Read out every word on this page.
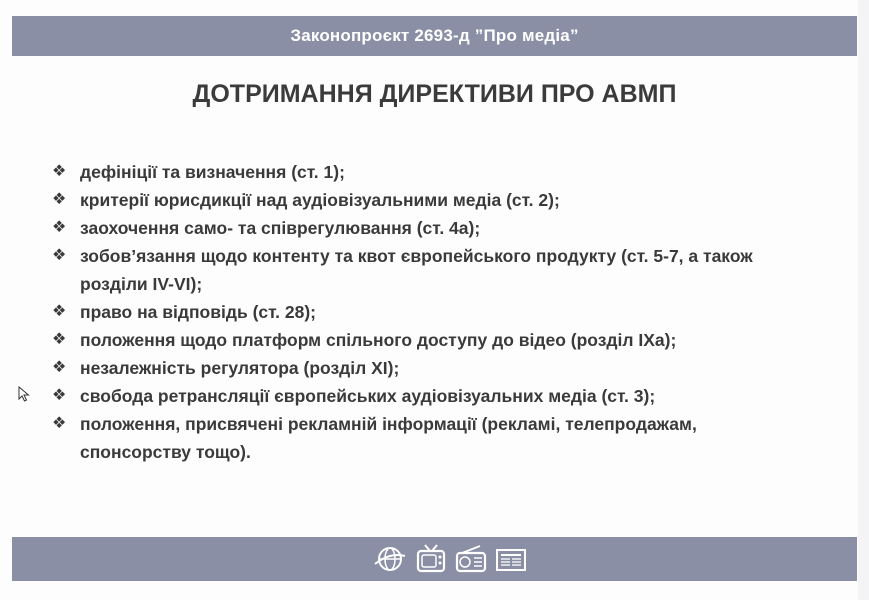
Законопроєкт 2693-д ”Про медіа”
ДОТРИМАННЯ ДИРЕКТИВИ ПРО АВМП
❖ дефініції та визначення (ст. 1);
❖ критерії юрисдикції над аудіовізуальними медіа (ст. 2);
❖ заохочення само- та співрегулювання (ст. 4а);
❖ зобов’язання щодо контенту та квот європейського продукту (ст. 5-7, а також розділи IV-VI);
❖ право на відповідь (ст. 28);
❖ положення щодо платформ спільного доступу до відео (розділ IXа);
❖ незалежність регулятора (розділ XI);
❖ свобода ретрансляції європейських аудіовізуальних медіа (ст. 3);
❖ положення, присвячені рекламній інформації (рекламі, телепродажам, спонсорству тощо).
